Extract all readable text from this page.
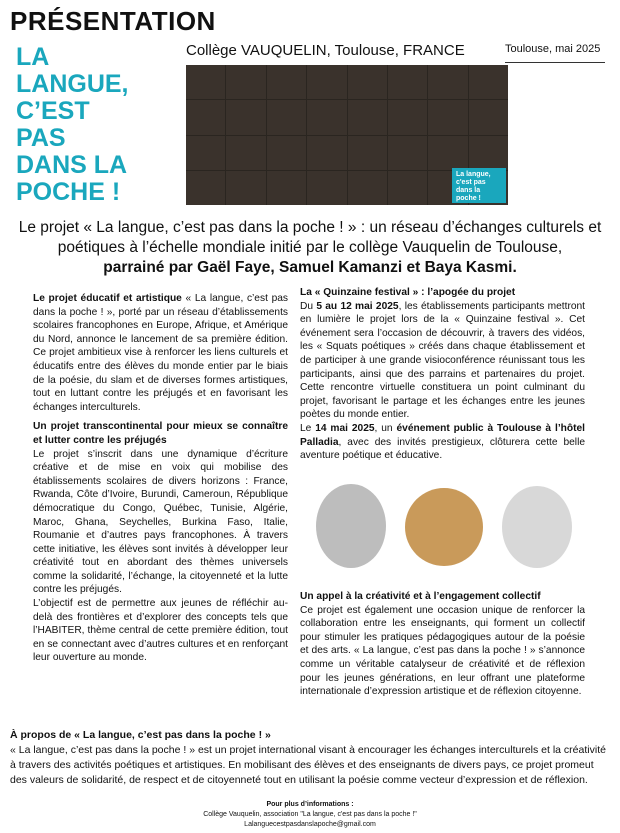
PRÉSENTATION
LA
LANGUE,
C’EST
PAS
DANS LA
POCHE !
Collège VAUQUELIN, Toulouse, FRANCE	Toulouse, mai 2025
La langue, c'est pas dans la poche !
Le projet « La langue, c’est pas dans la poche ! » : un réseau d’échanges culturels et poétiques à l’échelle mondiale initié par le collège Vauquelin de Toulouse,
parrainé par Gaël Faye, Samuel Kamanzi et Baya Kasmi.

Le projet éducatif et artistique « La langue, c’est pas dans la poche ! », porté par un réseau d’établissements scolaires francophones en Europe, Afrique, et Amérique du Nord, annonce le lancement de sa première édition. Ce projet ambitieux vise à renforcer les liens culturels et éducatifs entre des élèves du monde entier par le biais de la poésie, du slam et de diverses formes artistiques, tout en luttant contre les préjugés et en favorisant les échanges interculturels.

Un projet transcontinental pour mieux se connaître et lutter contre les préjugés

Le projet s’inscrit dans une dynamique d’écriture créative et de mise en voix qui mobilise des établissements scolaires de divers horizons : France, Rwanda, Côte d’Ivoire, Burundi, Cameroun, République démocratique du Congo, Québec, Tunisie, Algérie, Maroc, Ghana, Seychelles, Burkina Faso, Italie, Roumanie et d’autres pays francophones. À travers cette initiative, les élèves sont invités à développer leur créativité tout en abordant des thèmes universels comme la solidarité, l’échange, la citoyenneté et la lutte contre les préjugés.

L’objectif est de permettre aux jeunes de réfléchir au-delà des frontières et d’explorer des concepts tels que l’HABITER, thème central de cette première édition, tout en se connectant avec d’autres cultures et en renforçant leur ouverture au monde.

La « Quinzaine festival » : l’apogée du projet

Du 5 au 12 mai 2025, les établissements participants mettront en lumière le projet lors de la « Quinzaine festival ». Cet événement sera l’occasion de découvrir, à travers des vidéos, les « Squats poétiques » créés dans chaque établissement et de participer à une grande visioconférence réunissant tous les participants, ainsi que des parrains et partenaires du projet. Cette rencontre virtuelle constituera un point culminant du projet, favorisant le partage et les échanges entre les jeunes poètes du monde entier.

Le 14 mai 2025, un événement public à Toulouse à l’hôtel Palladia, avec des invités prestigieux, clôturera cette belle aventure poétique et éducative.

Un appel à la créativité et à l’engagement collectif

Ce projet est également une occasion unique de renforcer la collaboration entre les enseignants, qui forment un collectif pour stimuler les pratiques pédagogiques autour de la poésie et des arts. « La langue, c’est pas dans la poche ! » s’annonce comme un véritable catalyseur de créativité et de réflexion pour les jeunes générations, en leur offrant une plateforme internationale d’expression artistique et de réflexion citoyenne.

À propos de « La langue, c’est pas dans la poche ! »
« La langue, c’est pas dans la poche ! » est un projet international visant à encourager les échanges interculturels et la créativité à travers des activités poétiques et artistiques. En mobilisant des élèves et des enseignants de divers pays, ce projet promeut des valeurs de solidarité, de respect et de citoyenneté tout en utilisant la poésie comme vecteur d’expression et de réflexion.
Pour plus d’informations :
Collège Vauquelin, association "La langue, c'est pas dans la poche !"
Lalanguecestpasdanslapoche@gmail.com
